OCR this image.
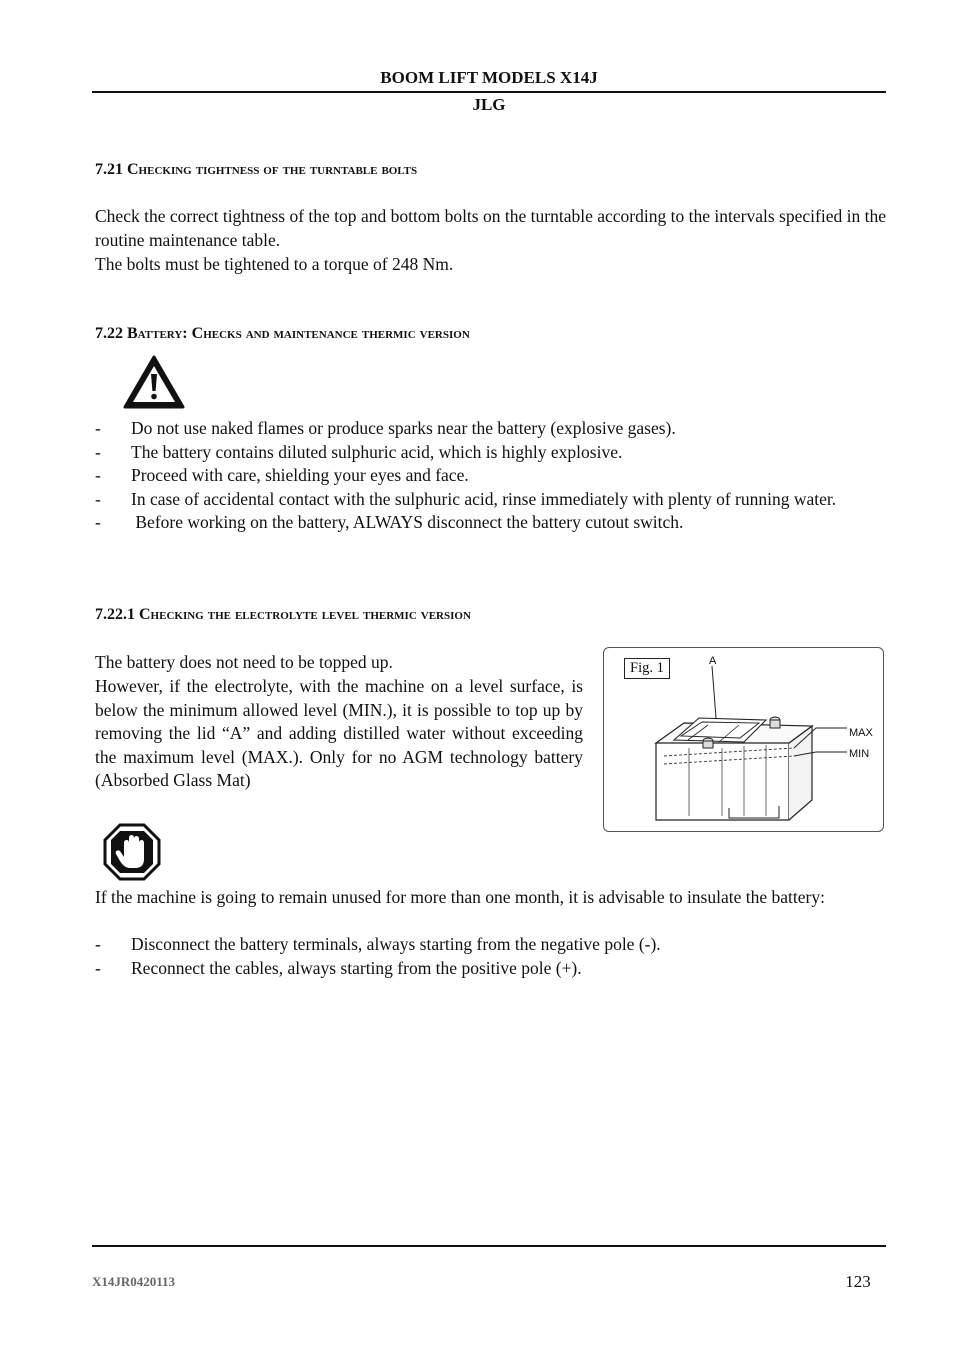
BOOM LIFT MODELS X14J
JLG
7.21 Checking tightness of the turntable bolts

Check the correct tightness of the top and bottom bolts on the turntable according to the intervals specified in the routine maintenance table.

The bolts must be tightened to a torque of 248 Nm.

7.22 Battery: Checks and maintenance thermic version
- Do not use naked flames or produce sparks near the battery (explosive gases).
- The battery contains diluted sulphuric acid, which is highly explosive.
- Proceed with care, shielding your eyes and face.
- In case of accidental contact with the sulphuric acid, rinse immediately with plenty of running water.
- Before working on the battery, ALWAYS disconnect the battery cutout switch.
7.22.1 Checking the electrolyte level thermic version

The battery does not need to be topped up.

However, if the electrolyte, with the machine on a level surface, is below the minimum allowed level (MIN.), it is possible to top up by removing the lid “A” and adding distilled water without exceeding the maximum level (MAX.). Only for no AGM technology battery (Absorbed Glass Mat)

Fig. 1	A
MAX
MIN

If the machine is going to remain unused for more than one month, it is advisable to insulate the battery:

- Disconnect the battery terminals, always starting from the negative pole (-).
- Reconnect the cables, always starting from the positive pole (+).
X14JR0420113	123
